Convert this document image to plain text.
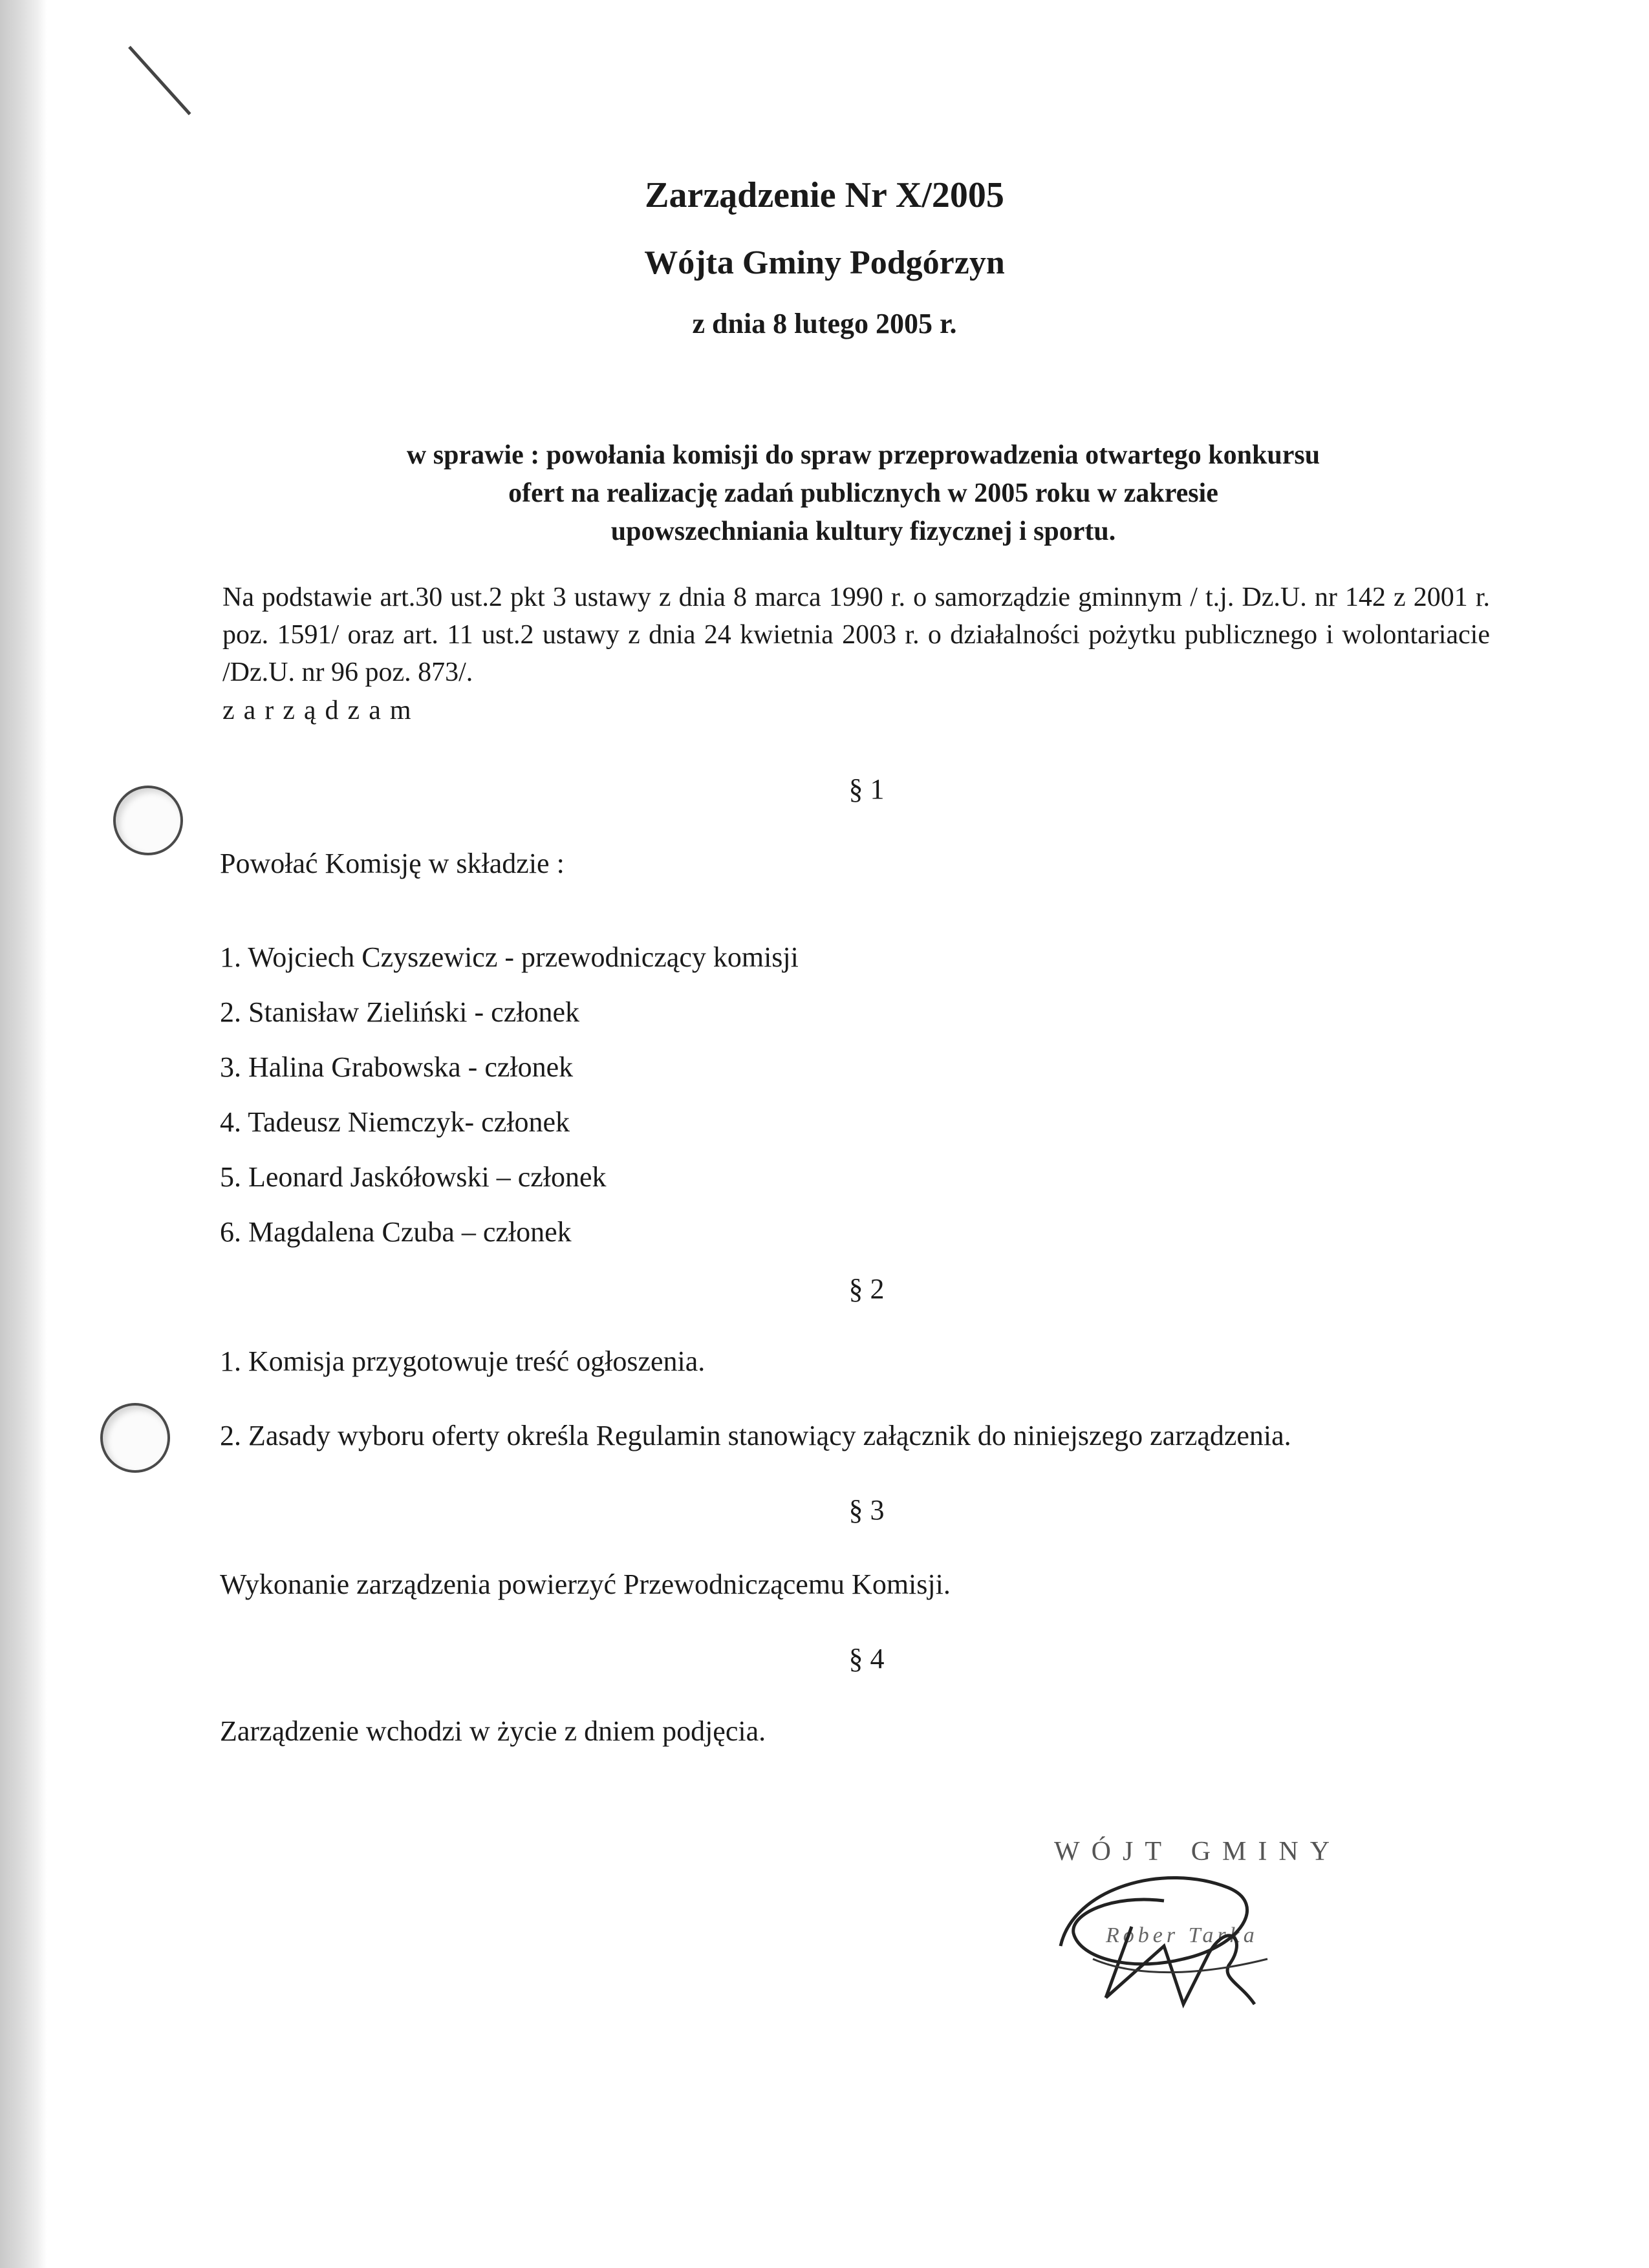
Zarządzenie Nr X/2005
Wójta Gminy Podgórzyn
z dnia 8 lutego 2005 r.
w sprawie : powołania komisji do spraw przeprowadzenia otwartego konkursu
ofert na realizację zadań publicznych w 2005 roku w zakresie
upowszechniania kultury fizycznej i sportu.
Na podstawie art.30 ust.2 pkt 3 ustawy z dnia 8 marca 1990 r. o samorządzie gminnym / t.j. Dz.U. nr 142 z 2001 r. poz. 1591/ oraz art. 11 ust.2 ustawy z dnia 24 kwietnia 2003 r. o działalności pożytku publicznego i wolontariacie /Dz.U. nr 96 poz. 873/.
zarządzam
§ 1
Powołać Komisję w składzie :
1. Wojciech Czyszewicz - przewodniczący komisji
2. Stanisław Zieliński - członek
3. Halina Grabowska - członek
4. Tadeusz Niemczyk- członek
5. Leonard Jaskółowski – członek
6. Magdalena Czuba – członek
§ 2
1. Komisja przygotowuje treść ogłoszenia.
2. Zasady wyboru oferty określa Regulamin stanowiący załącznik do niniejszego zarządzenia.
§ 3
Wykonanie zarządzenia powierzyć Przewodniczącemu Komisji.
§ 4
Zarządzenie wchodzi w życie z dniem podjęcia.
WÓJT GMINY
Rober Tarka
